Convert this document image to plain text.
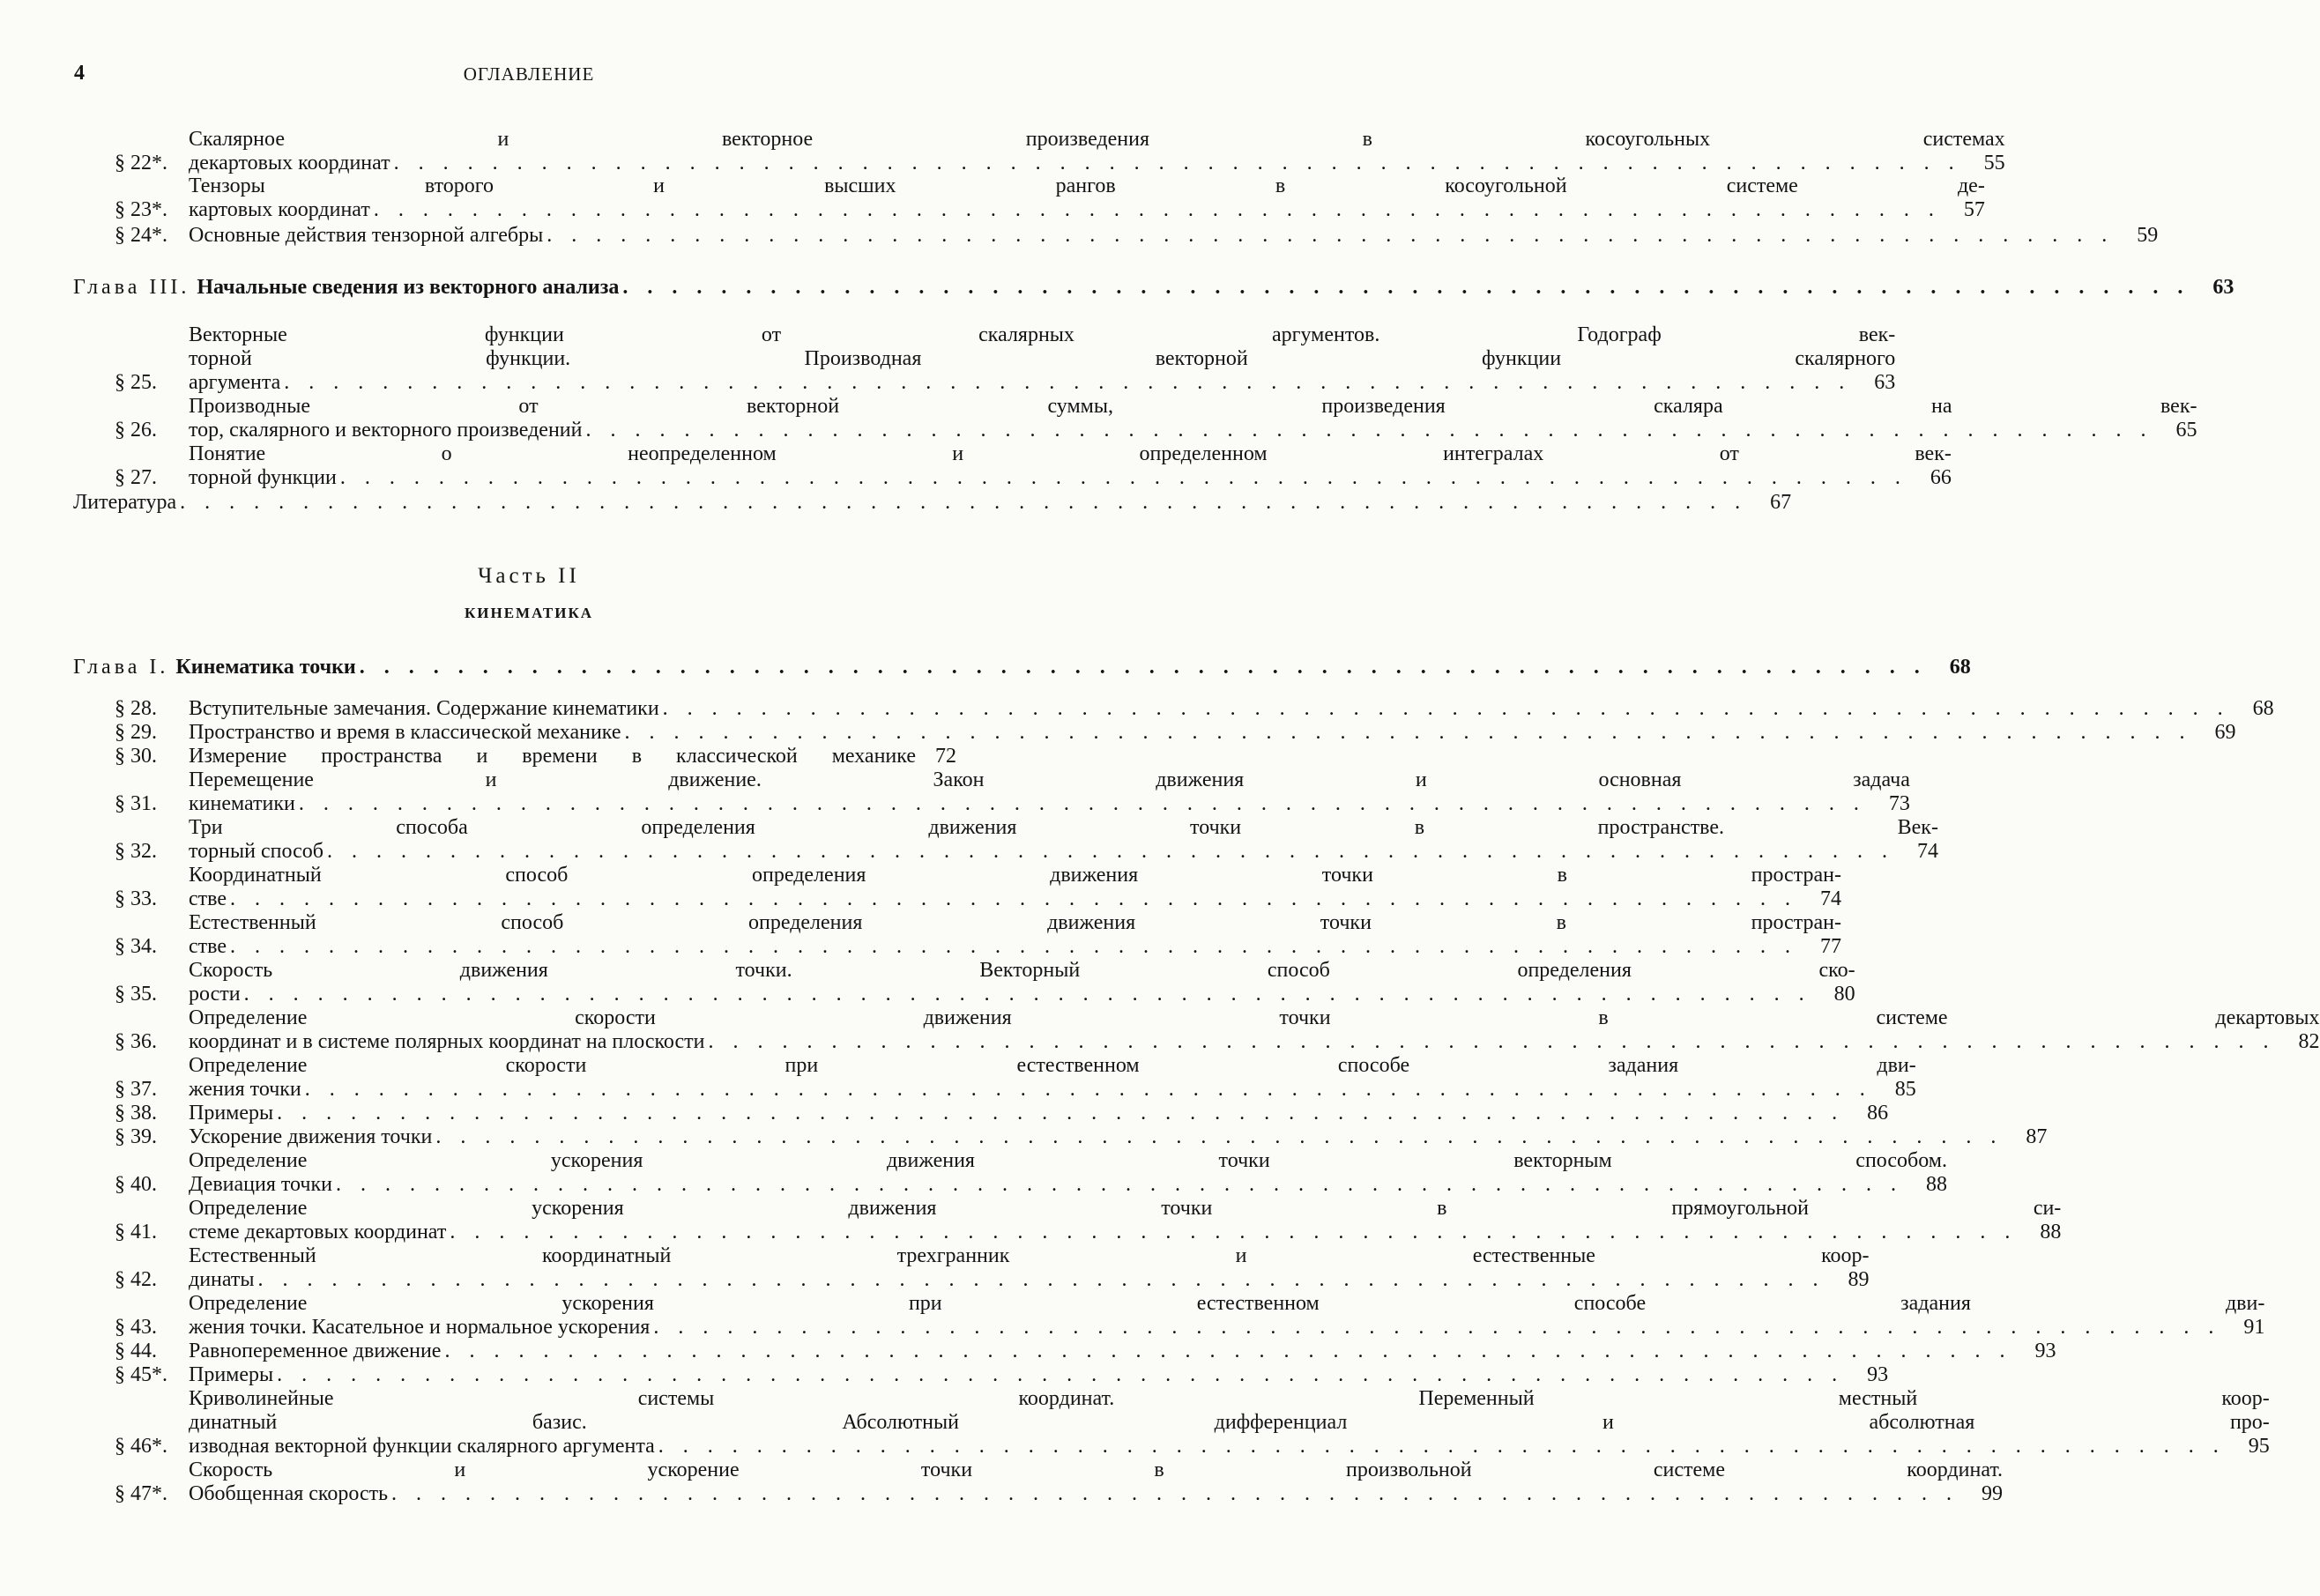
4	ОГЛАВЛЕНИЕ
§ 22*.
Скалярное и векторное произведения в косоугольных системах
декартовых координат . . .	55
§ 23*.
Тензоры второго и высших рангов в косоугольной системе де-
картовых координат . . .	57
§ 24*.	Основные действия тензорной алгебры . . .	59
Глава III. Начальные сведения из векторного анализа . . .	63
§ 25.
Векторные функции от скалярных аргументов. Годограф век-
торной функции. Производная векторной функции скалярного
аргумента . . .	63
§ 26.
Производные от векторной суммы, произведения скаляра на век-
тор, скалярного и векторного произведений . . .	65
§ 27.
Понятие о неопределенном и определенном интегралах от век-
торной функции . . .	66
Литература . . .	67
Часть II
КИНЕМАТИКА
Глава I. Кинематика точки . . .	68
§ 28.	Вступительные замечания. Содержание кинематики . . .	68
§ 29.	Пространство и время в классической механике . . .	69
§ 30.	Измерение пространства и времени в классической механике 72
§ 31.
Перемещение и движение. Закон движения и основная задача
кинематики . . .	73
§ 32.
Три способа определения движения точки в пространстве. Век-
торный способ . . .	74
§ 33.
Координатный способ определения движения точки в простран-
стве . . .	74
§ 34.
Естественный способ определения движения точки в простран-
стве . . .	77
§ 35.
Скорость движения точки. Векторный способ определения ско-
рости . . .	80
§ 36.
Определение скорости движения точки в системе декартовых
координат и в системе полярных координат на плоскости . . .	82
§ 37.
Определение скорости при естественном способе задания дви-
жения точки . . .	85
§ 38.	Примеры . . .	86
§ 39.	Ускорение движения точки . . .	87
§ 40.
Определение ускорения движения точки векторным способом.
Девиация точки . . .	88
§ 41.
Определение ускорения движения точки в прямоугольной си-
стеме декартовых координат . . .	88
§ 42.
Естественный координатный трехгранник и естественные коор-
динаты . . .	89
§ 43.
Определение ускорения при естественном способе задания дви-
жения точки. Касательное и нормальное ускорения . . .	91
§ 44.	Равнопеременное движение . . .	93
§ 45*.	Примеры . . .	93
§ 46*.
Криволинейные системы координат. Переменный местный коор-
динатный базис. Абсолютный дифференциал и абсолютная про-
изводная векторной функции скалярного аргумента . . .	95
§ 47*.
Скорость и ускорение точки в произвольной системе координат.
Обобщенная скорость . . .	99
